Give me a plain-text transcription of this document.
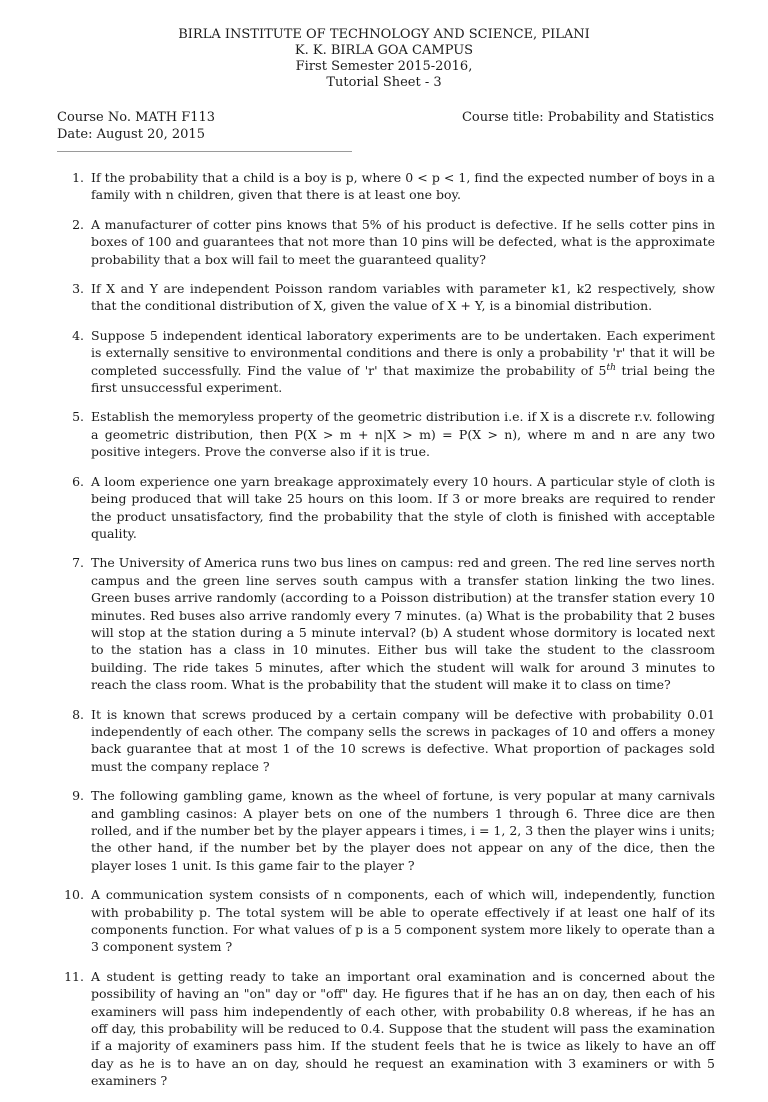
BIRLA INSTITUTE OF TECHNOLOGY AND SCIENCE, PILANI
K. K. BIRLA GOA CAMPUS
First Semester 2015-2016,
Tutorial Sheet - 3
Course No. MATH F113
Date: August 20, 2015
Course title: Probability and Statistics
1. If the probability that a child is a boy is p, where 0 < p < 1, find the expected number of boys in a family with n children, given that there is at least one boy.
2. A manufacturer of cotter pins knows that 5% of his product is defective. If he sells cotter pins in boxes of 100 and guarantees that not more than 10 pins will be defected, what is the approximate probability that a box will fail to meet the guaranteed quality?
3. If X and Y are independent Poisson random variables with parameter k1, k2 respectively, show that the conditional distribution of X, given the value of X + Y, is a binomial distribution.
4. Suppose 5 independent identical laboratory experiments are to be undertaken. Each experiment is externally sensitive to environmental conditions and there is only a probability 'r' that it will be completed successfully. Find the value of 'r' that maximize the probability of 5th trial being the first unsuccessful experiment.
5. Establish the memoryless property of the geometric distribution i.e. if X is a discrete r.v. following a geometric distribution, then P(X > m + n|X > m) = P(X > n), where m and n are any two positive integers. Prove the converse also if it is true.
6. A loom experience one yarn breakage approximately every 10 hours. A particular style of cloth is being produced that will take 25 hours on this loom. If 3 or more breaks are required to render the product unsatisfactory, find the probability that the style of cloth is finished with acceptable quality.
7. The University of America runs two bus lines on campus: red and green. The red line serves north campus and the green line serves south campus with a transfer station linking the two lines. Green buses arrive randomly (according to a Poisson distribution) at the transfer station every 10 minutes. Red buses also arrive randomly every 7 minutes. (a) What is the probability that 2 buses will stop at the station during a 5 minute interval? (b) A student whose dormitory is located next to the station has a class in 10 minutes. Either bus will take the student to the classroom building. The ride takes 5 minutes, after which the student will walk for around 3 minutes to reach the class room. What is the probability that the student will make it to class on time?
8. It is known that screws produced by a certain company will be defective with probability 0.01 independently of each other. The company sells the screws in packages of 10 and offers a money back guarantee that at most 1 of the 10 screws is defective. What proportion of packages sold must the company replace ?
9. The following gambling game, known as the wheel of fortune, is very popular at many carnivals and gambling casinos: A player bets on one of the numbers 1 through 6. Three dice are then rolled, and if the number bet by the player appears i times, i = 1, 2, 3 then the player wins i units; the other hand, if the number bet by the player does not appear on any of the dice, then the player loses 1 unit. Is this game fair to the player ?
10. A communication system consists of n components, each of which will, independently, function with probability p. The total system will be able to operate effectively if at least one half of its components function. For what values of p is a 5 component system more likely to operate than a 3 component system ?
11. A student is getting ready to take an important oral examination and is concerned about the possibility of having an "on" day or "off" day. He figures that if he has an on day, then each of his examiners will pass him independently of each other, with probability 0.8 whereas, if he has an off day, this probability will be reduced to 0.4. Suppose that the student will pass the examination if a majority of examiners pass him. If the student feels that he is twice as likely to have an off day as he is to have an on day, should he request an examination with 3 examiners or with 5 examiners ?
